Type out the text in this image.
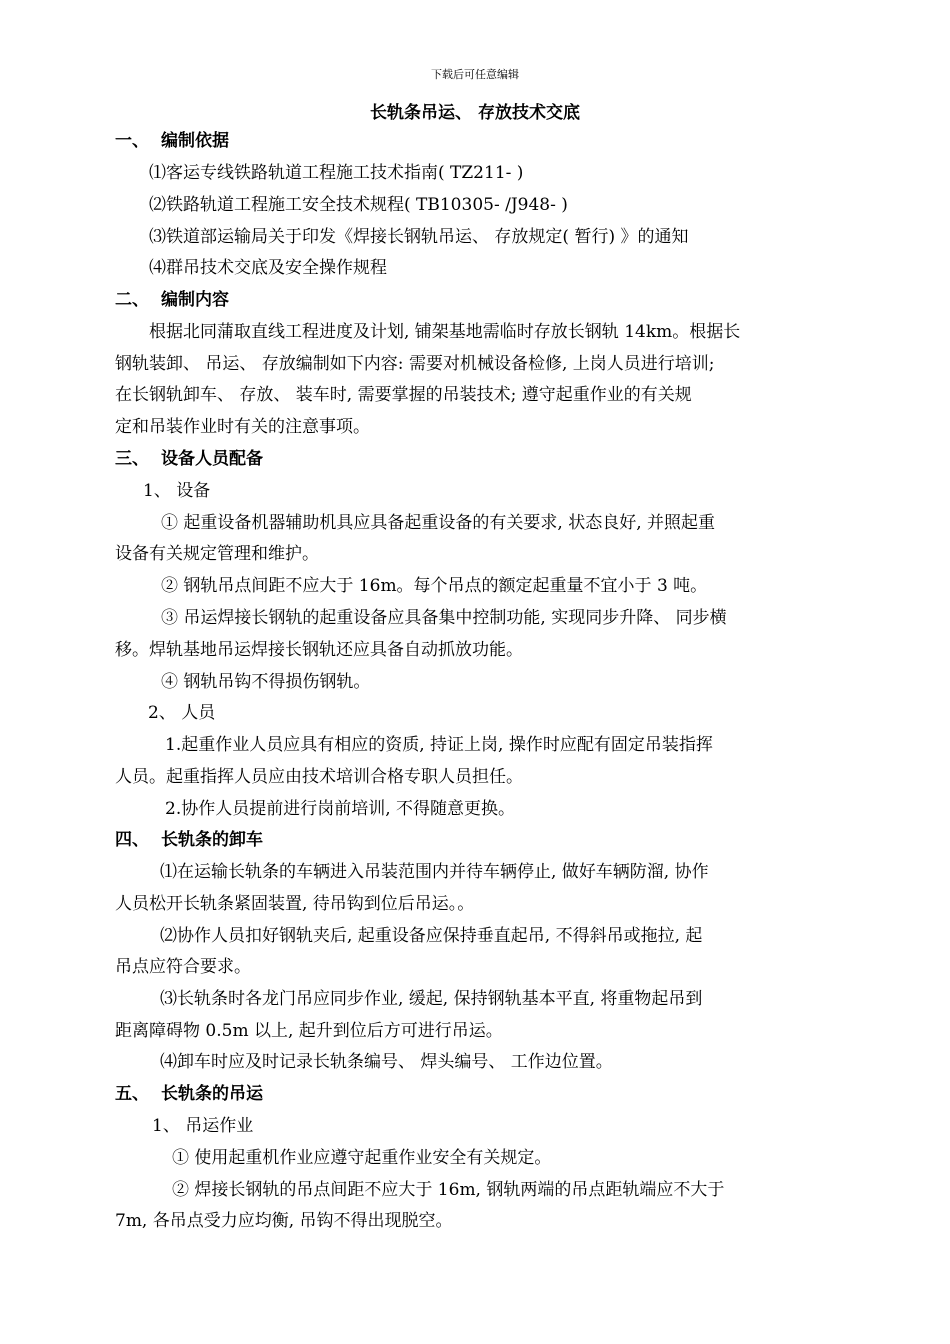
下载后可任意编辑
长轨条吊运、 存放技术交底
一、 编制依据
⑴客运专线铁路轨道工程施工技术指南( TZ211- )
⑵铁路轨道工程施工安全技术规程( TB10305- /J948- )
⑶铁道部运输局关于印发《焊接长钢轨吊运、 存放规定( 暂行) 》的通知
⑷群吊技术交底及安全操作规程
二、 编制内容
根据北同蒲取直线工程进度及计划, 铺架基地需临时存放长钢轨 14km。根据长
钢轨装卸、 吊运、 存放编制如下内容: 需要对机械设备检修, 上岗人员进行培训;
在长钢轨卸车、 存放、 装车时, 需要掌握的吊装技术; 遵守起重作业的有关规
定和吊装作业时有关的注意事项。
三、 设备人员配备
1、 设备
① 起重设备机器辅助机具应具备起重设备的有关要求, 状态良好, 并照起重
设备有关规定管理和维护。
② 钢轨吊点间距不应大于 16m。每个吊点的额定起重量不宜小于 3 吨。
③ 吊运焊接长钢轨的起重设备应具备集中控制功能, 实现同步升降、 同步横
移。焊轨基地吊运焊接长钢轨还应具备自动抓放功能。
④ 钢轨吊钩不得损伤钢轨。
2、 人员
1.起重作业人员应具有相应的资质, 持证上岗, 操作时应配有固定吊装指挥
人员。起重指挥人员应由技术培训合格专职人员担任。
2.协作人员提前进行岗前培训, 不得随意更换。
四、 长轨条的卸车
⑴在运输长轨条的车辆进入吊装范围内并待车辆停止, 做好车辆防溜, 协作
人员松开长轨条紧固装置, 待吊钩到位后吊运。。
⑵协作人员扣好钢轨夹后, 起重设备应保持垂直起吊, 不得斜吊或拖拉, 起
吊点应符合要求。
⑶长轨条时各龙门吊应同步作业, 缓起, 保持钢轨基本平直, 将重物起吊到
距离障碍物 0.5m 以上, 起升到位后方可进行吊运。
⑷卸车时应及时记录长轨条编号、 焊头编号、 工作边位置。
五、 长轨条的吊运
1、 吊运作业
① 使用起重机作业应遵守起重作业安全有关规定。
② 焊接长钢轨的吊点间距不应大于 16m, 钢轨两端的吊点距轨端应不大于
7m, 各吊点受力应均衡, 吊钩不得出现脱空。
